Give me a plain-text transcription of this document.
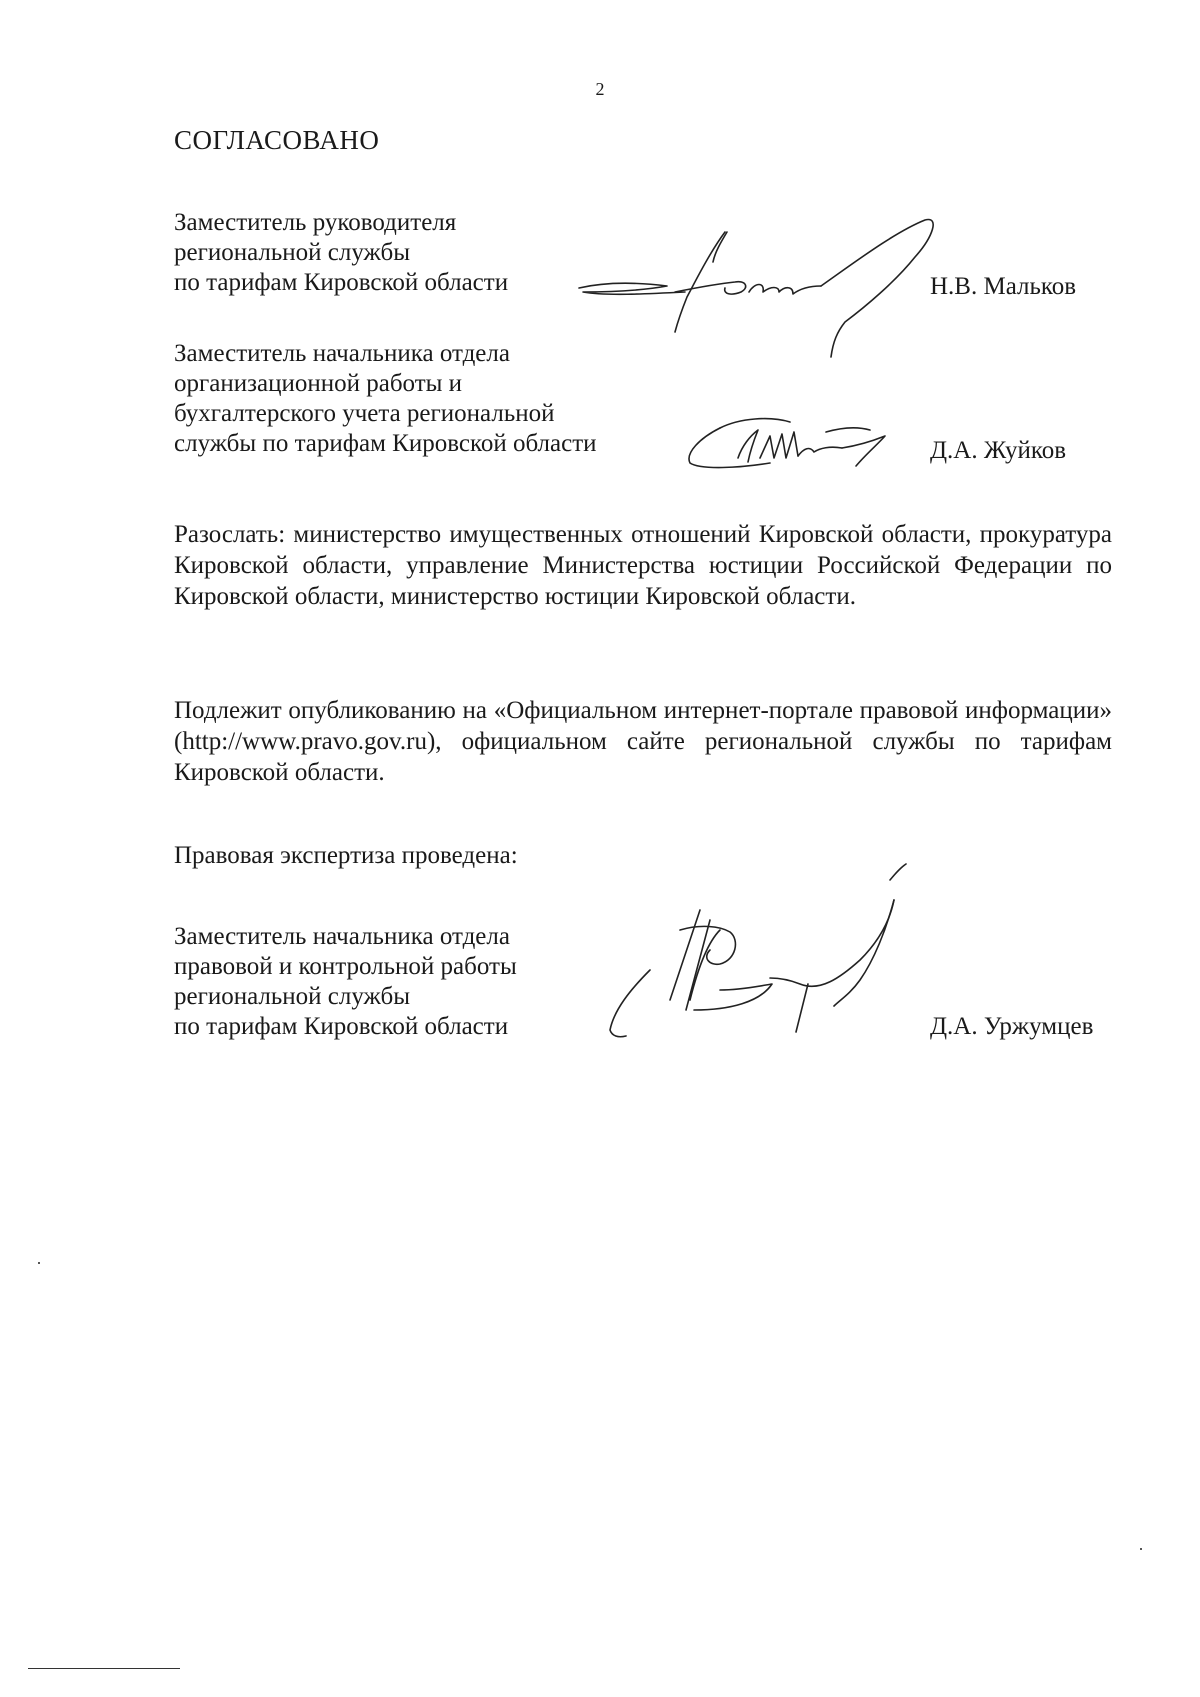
2
СОГЛАСОВАНО
Заместитель руководителя
региональной службы
по тарифам Кировской области	Н.В. Мальков
Заместитель начальника отдела
организационной работы и
бухгалтерского учета региональной
службы по тарифам Кировской области	Д.А. Жуйков
Разослать: министерство имущественных отношений Кировской области, прокуратура Кировской области, управление Министерства юстиции Российской Федерации по Кировской области, министерство юстиции Кировской области.
Подлежит опубликованию на «Официальном интернет-портале правовой информации» (http://www.pravo.gov.ru), официальном сайте региональной службы по тарифам Кировской области.
Правовая экспертиза проведена:
Заместитель начальника отдела
правовой и контрольной работы
региональной службы
по тарифам Кировской области	Д.А. Уржумцев
